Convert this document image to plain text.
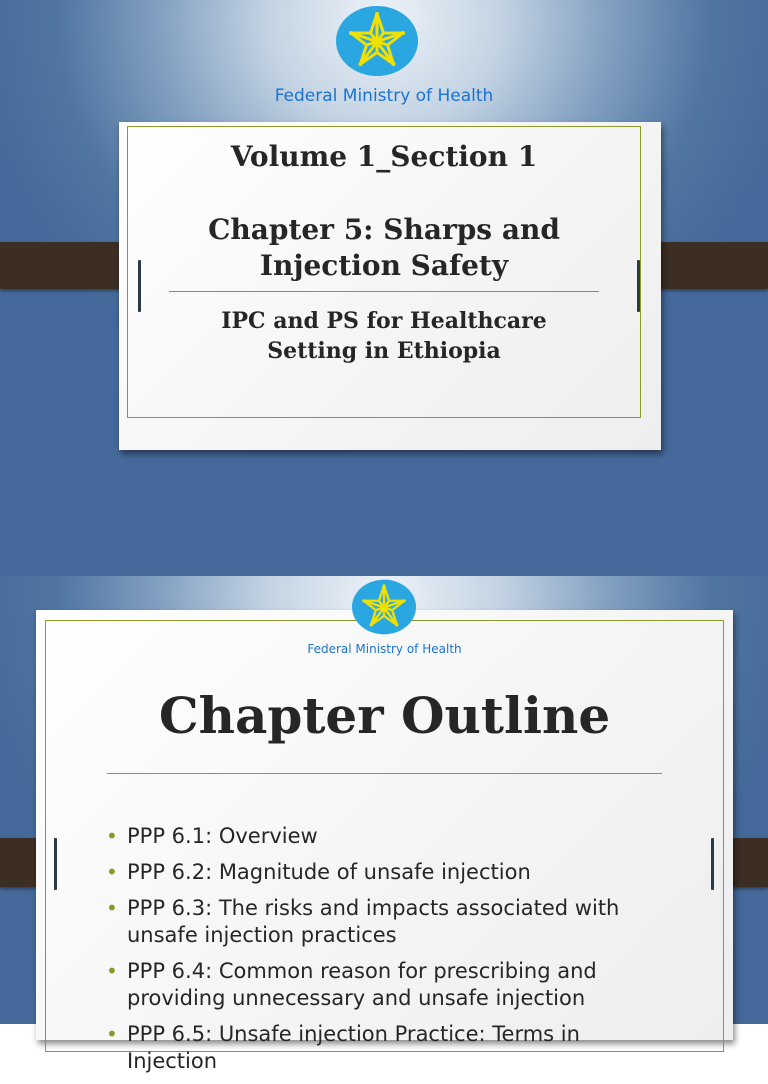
Federal Ministry of Health
Volume 1_Section 1
Chapter 5: Sharps and Injection Safety
IPC and PS for Healthcare Setting in Ethiopia
Federal Ministry of Health
Chapter Outline
• PPP 6.1: Overview
• PPP 6.2: Magnitude of unsafe injection
• PPP 6.3: The risks and impacts associated with unsafe injection practices
• PPP 6.4: Common reason for prescribing and providing unnecessary and unsafe injection
• PPP 6.5: Unsafe injection Practice: Terms in Injection
